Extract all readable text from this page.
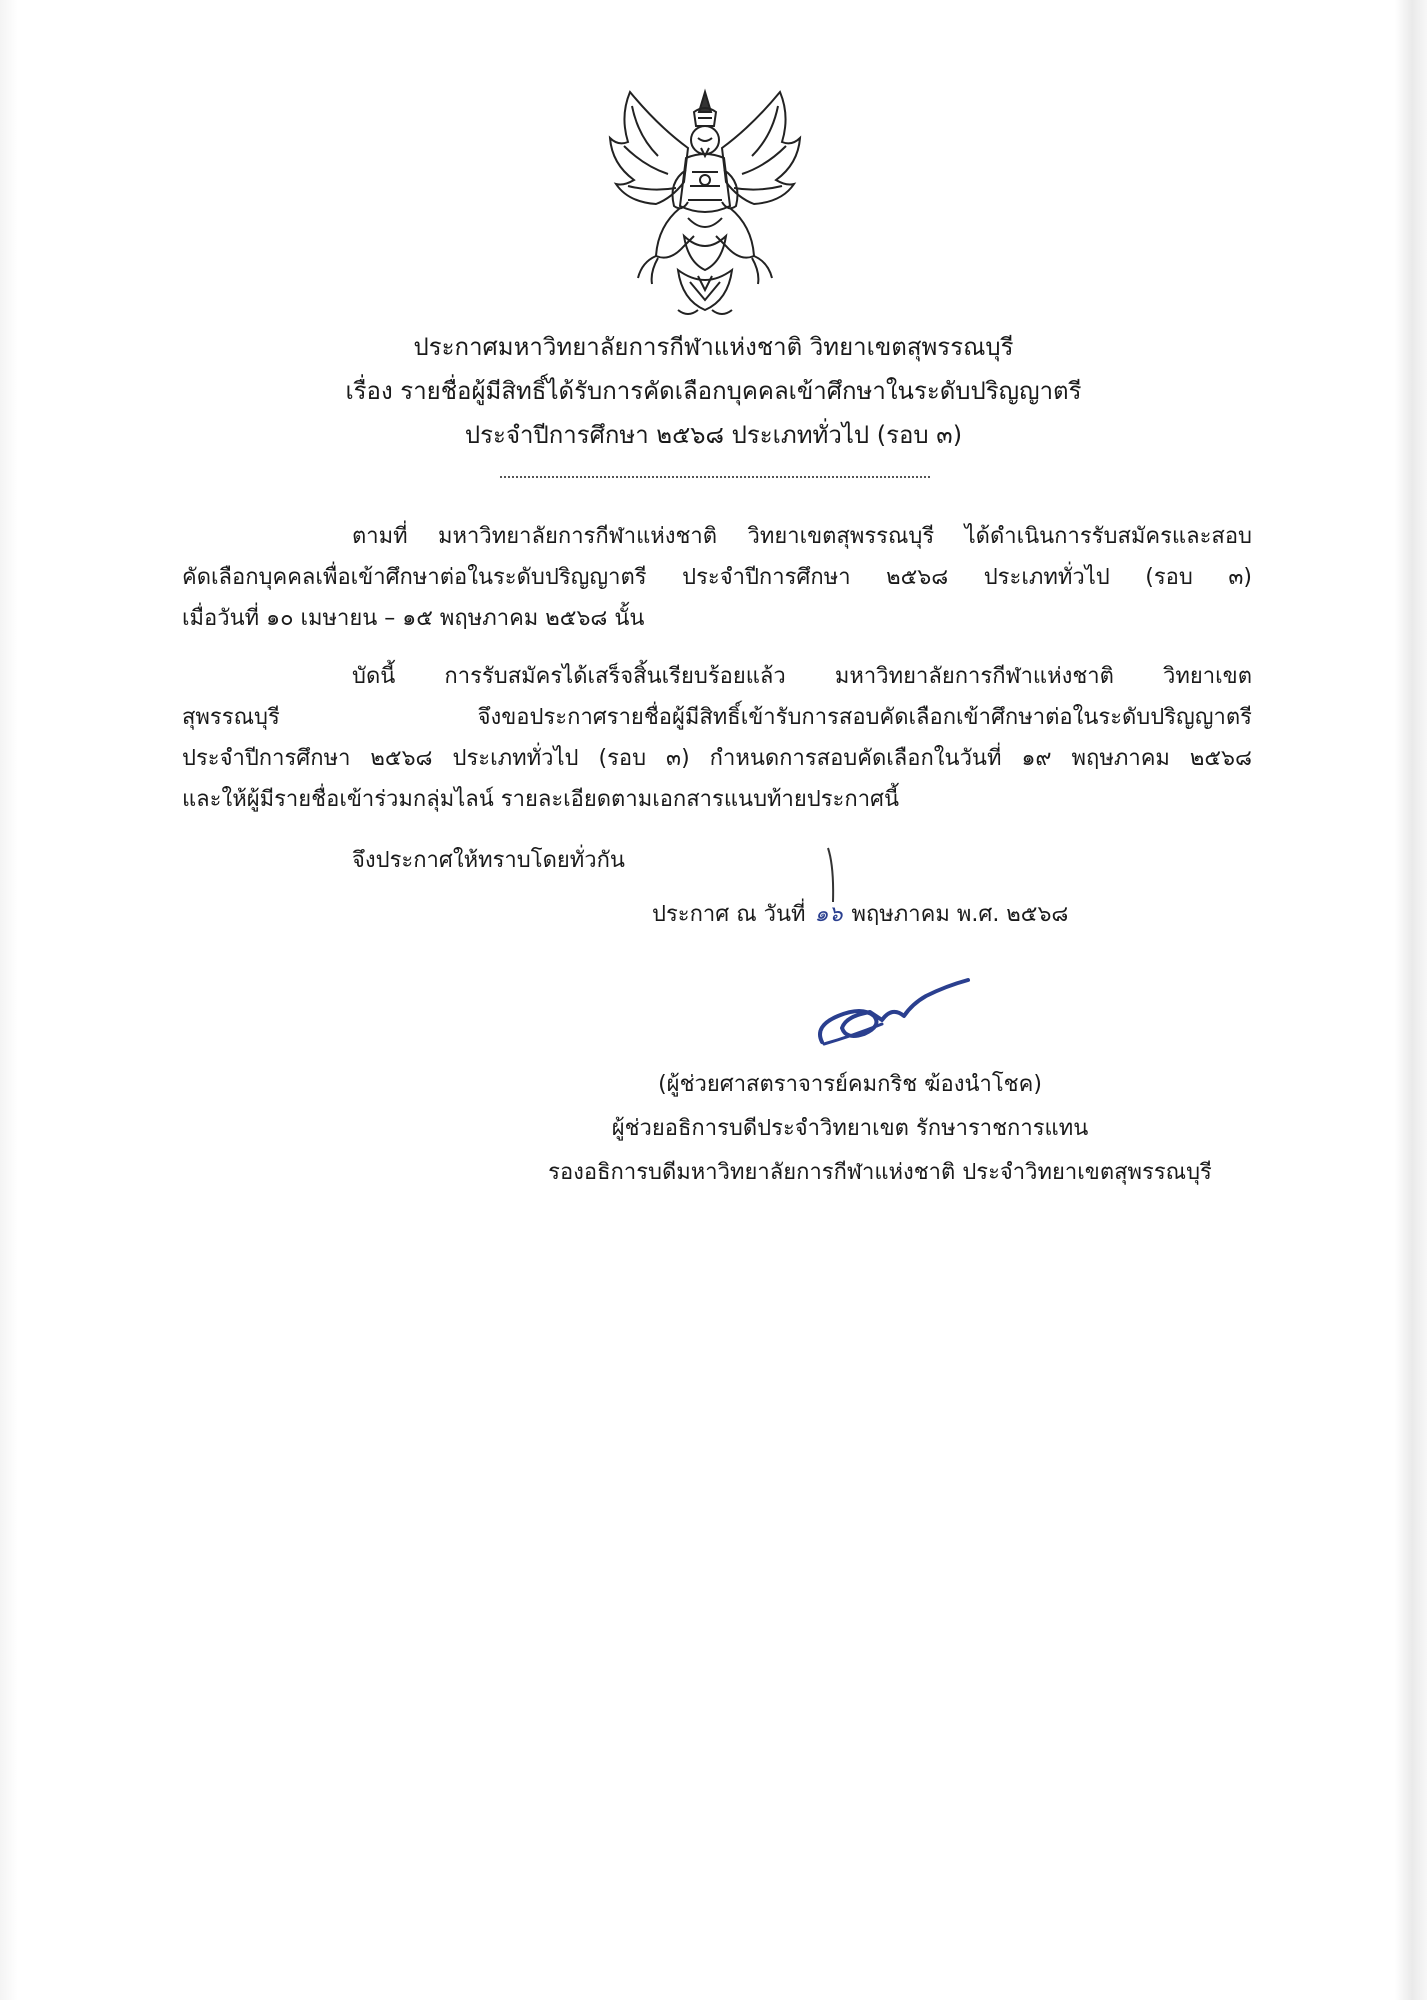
ประกาศมหาวิทยาลัยการกีฬาแห่งชาติ วิทยาเขตสุพรรณบุรี
เรื่อง รายชื่อผู้มีสิทธิ์ได้รับการคัดเลือกบุคคลเข้าศึกษาในระดับปริญญาตรี
ประจำปีการศึกษา ๒๕๖๘ ประเภททั่วไป (รอบ ๓)
ตามที่ มหาวิทยาลัยการกีฬาแห่งชาติ วิทยาเขตสุพรรณบุรี ได้ดำเนินการรับสมัครและสอบ
คัดเลือกบุคคลเพื่อเข้าศึกษาต่อในระดับปริญญาตรี ประจำปีการศึกษา ๒๕๖๘ ประเภททั่วไป (รอบ ๓)
เมื่อวันที่ ๑๐ เมษายน – ๑๕ พฤษภาคม ๒๕๖๘ นั้น
บัดนี้ การรับสมัครได้เสร็จสิ้นเรียบร้อยแล้ว มหาวิทยาลัยการกีฬาแห่งชาติ วิทยาเขต
สุพรรณบุรี จึงขอประกาศรายชื่อผู้มีสิทธิ์เข้ารับการสอบคัดเลือกเข้าศึกษาต่อในระดับปริญญาตรี
ประจำปีการศึกษา ๒๕๖๘ ประเภททั่วไป (รอบ ๓) กำหนดการสอบคัดเลือกในวันที่ ๑๙ พฤษภาคม ๒๕๖๘
และให้ผู้มีรายชื่อเข้าร่วมกลุ่มไลน์ รายละเอียดตามเอกสารแนบท้ายประกาศนี้
จึงประกาศให้ทราบโดยทั่วกัน
ประกาศ ณ วันที่ ๑๖ พฤษภาคม พ.ศ. ๒๕๖๘
(ผู้ช่วยศาสตราจารย์คมกริช ฆ้องนำโชค)
ผู้ช่วยอธิการบดีประจำวิทยาเขต รักษาราชการแทน
รองอธิการบดีมหาวิทยาลัยการกีฬาแห่งชาติ ประจำวิทยาเขตสุพรรณบุรี
